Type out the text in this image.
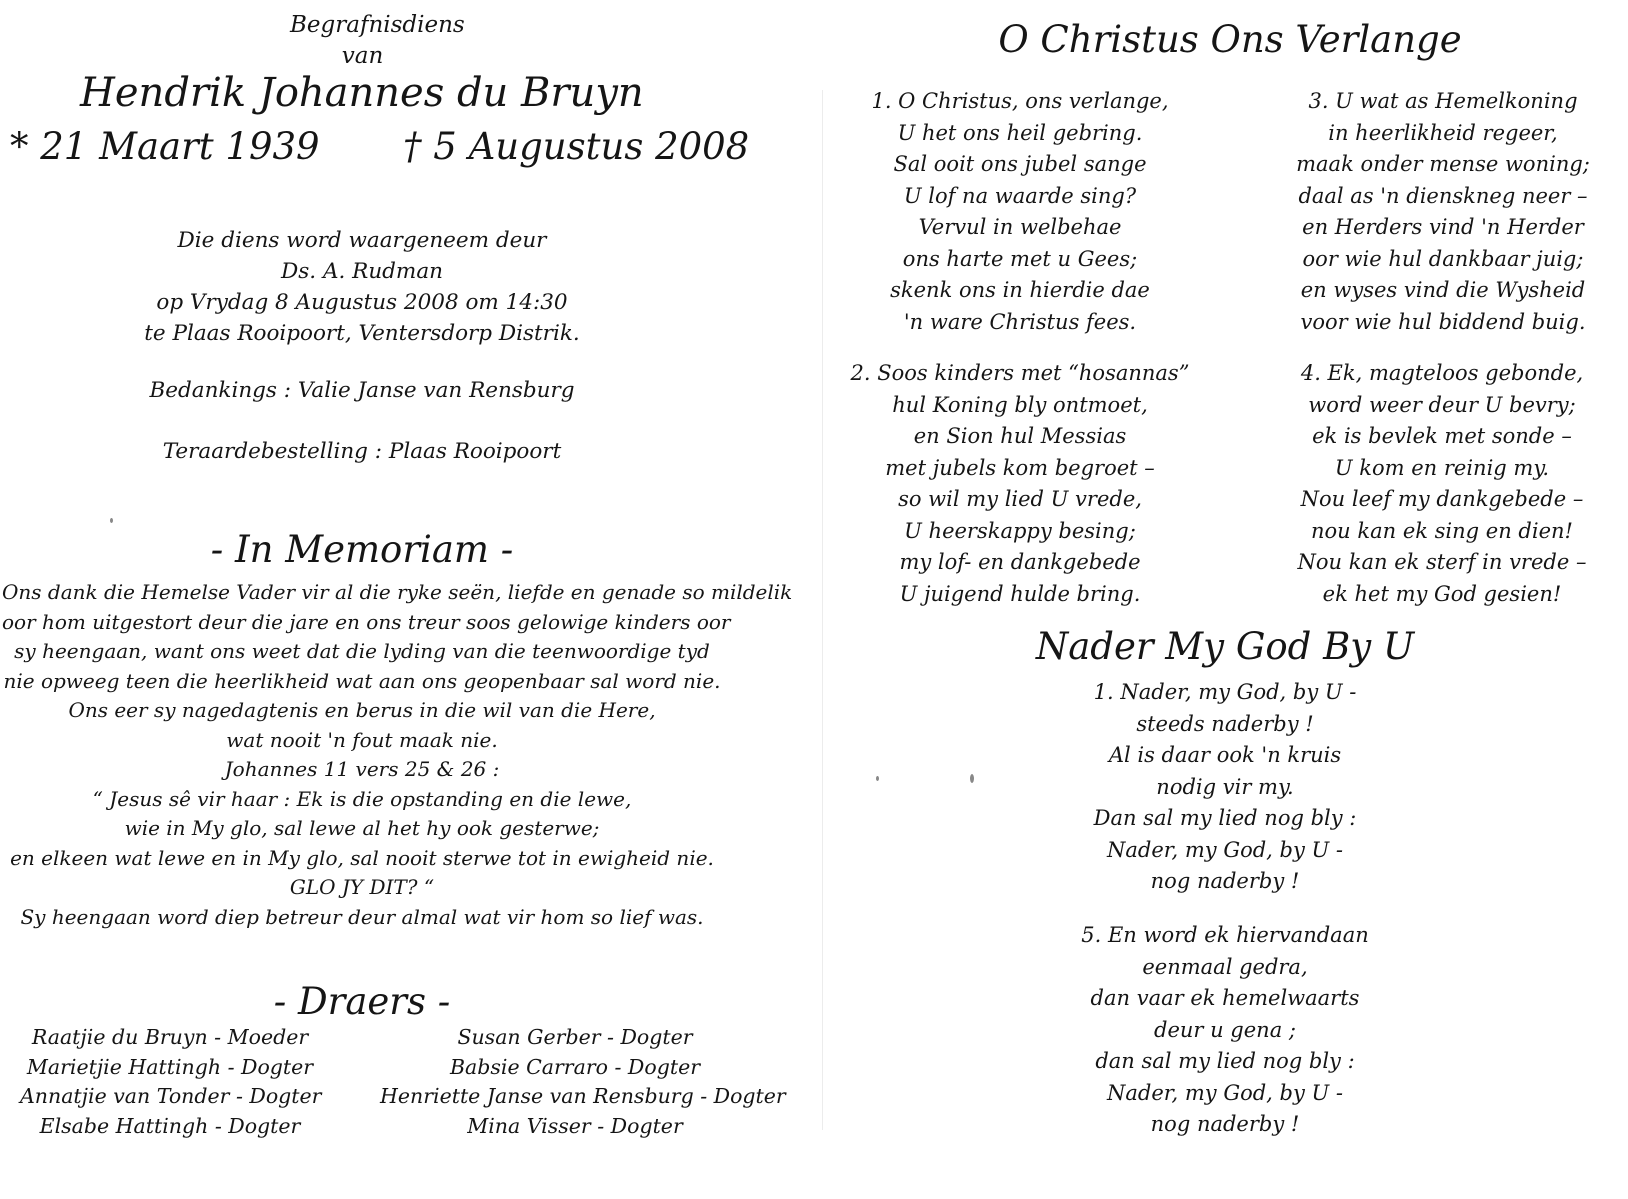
Begrafnisdiens
van
Hendrik Johannes du Bruyn
* 21 Maart 1939 † 5 Augustus 2008
Die diens word waargeneem deur
Ds. A. Rudman
op Vrydag 8 Augustus 2008 om 14:30
te Plaas Rooipoort, Ventersdorp Distrik.
Bedankings : Valie Janse van Rensburg
Teraardebestelling : Plaas Rooipoort
- In Memoriam -
Ons dank die Hemelse Vader vir al die ryke seën, liefde en genade so mildelik
oor hom uitgestort deur die jare en ons treur soos gelowige kinders oor
sy heengaan, want ons weet dat die lyding van die teenwoordige tyd
nie opweeg teen die heerlikheid wat aan ons geopenbaar sal word nie.
Ons eer sy nagedagtenis en berus in die wil van die Here,
wat nooit 'n fout maak nie.
Johannes 11 vers 25 & 26 :
“ Jesus sê vir haar : Ek is die opstanding en die lewe,
wie in My glo, sal lewe al het hy ook gesterwe;
en elkeen wat lewe en in My glo, sal nooit sterwe tot in ewigheid nie.
GLO JY DIT? “
Sy heengaan word diep betreur deur almal wat vir hom so lief was.
- Draers -
Raatjie du Bruyn - Moeder
Marietjie Hattingh - Dogter
Annatjie van Tonder - Dogter
Elsabe Hattingh - Dogter
Susan Gerber - Dogter
Babsie Carraro - Dogter
Henriette Janse van Rensburg - Dogter
Mina Visser - Dogter
O Christus Ons Verlange
1. O Christus, ons verlange,
U het ons heil gebring.
Sal ooit ons jubel sange
U lof na waarde sing?
Vervul in welbehae
ons harte met u Gees;
skenk ons in hierdie dae
'n ware Christus fees.
3. U wat as Hemelkoning
in heerlikheid regeer,
maak onder mense woning;
daal as 'n dienskneg neer –
en Herders vind 'n Herder
oor wie hul dankbaar juig;
en wyses vind die Wysheid
voor wie hul biddend buig.
2. Soos kinders met “hosannas”
hul Koning bly ontmoet,
en Sion hul Messias
met jubels kom begroet –
so wil my lied U vrede,
U heerskappy besing;
my lof- en dankgebede
U juigend hulde bring.
4. Ek, magteloos gebonde,
word weer deur U bevry;
ek is bevlek met sonde –
U kom en reinig my.
Nou leef my dankgebede –
nou kan ek sing en dien!
Nou kan ek sterf in vrede –
ek het my God gesien!
Nader My God By U
1. Nader, my God, by U -
steeds naderby !
Al is daar ook 'n kruis
nodig vir my.
Dan sal my lied nog bly :
Nader, my God, by U -
nog naderby !
5. En word ek hiervandaan
eenmaal gedra,
dan vaar ek hemelwaarts
deur u gena ;
dan sal my lied nog bly :
Nader, my God, by U -
nog naderby !
